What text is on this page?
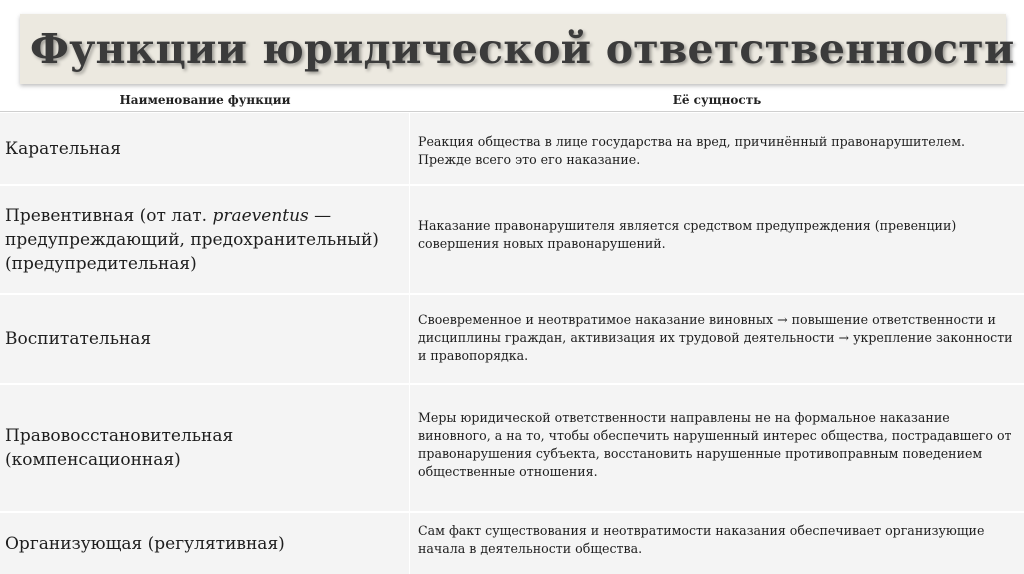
Функции юридической ответственности
Наименование функции	Её сущность
Карательная	Реакция общества в лице государства на вред, причинённый правонарушителем. Прежде всего это его наказание.
Превентивная (от лат. praeventus — предупреждающий, предохранительный) (предупредительная)
Наказание правонарушителя является средством предупреждения (превенции) совершения новых правонарушений.
Воспитательная
Своевременное и неотвратимое наказание виновных → повышение ответственности и дисциплины граждан, активизация их трудовой деятельности → укрепление законности и правопорядка.
Правовосстановительная (компенсационная)
Меры юридической ответственности направлены не на формальное наказание виновного, а на то, чтобы обеспечить нарушенный интерес общества, пострадавшего от правонарушения субъекта, восстановить нарушенные противоправным поведением общественные отношения.
Организующая (регулятивная)
Сам факт существования и неотвратимости наказания обеспечивает организующие начала в деятельности общества.
